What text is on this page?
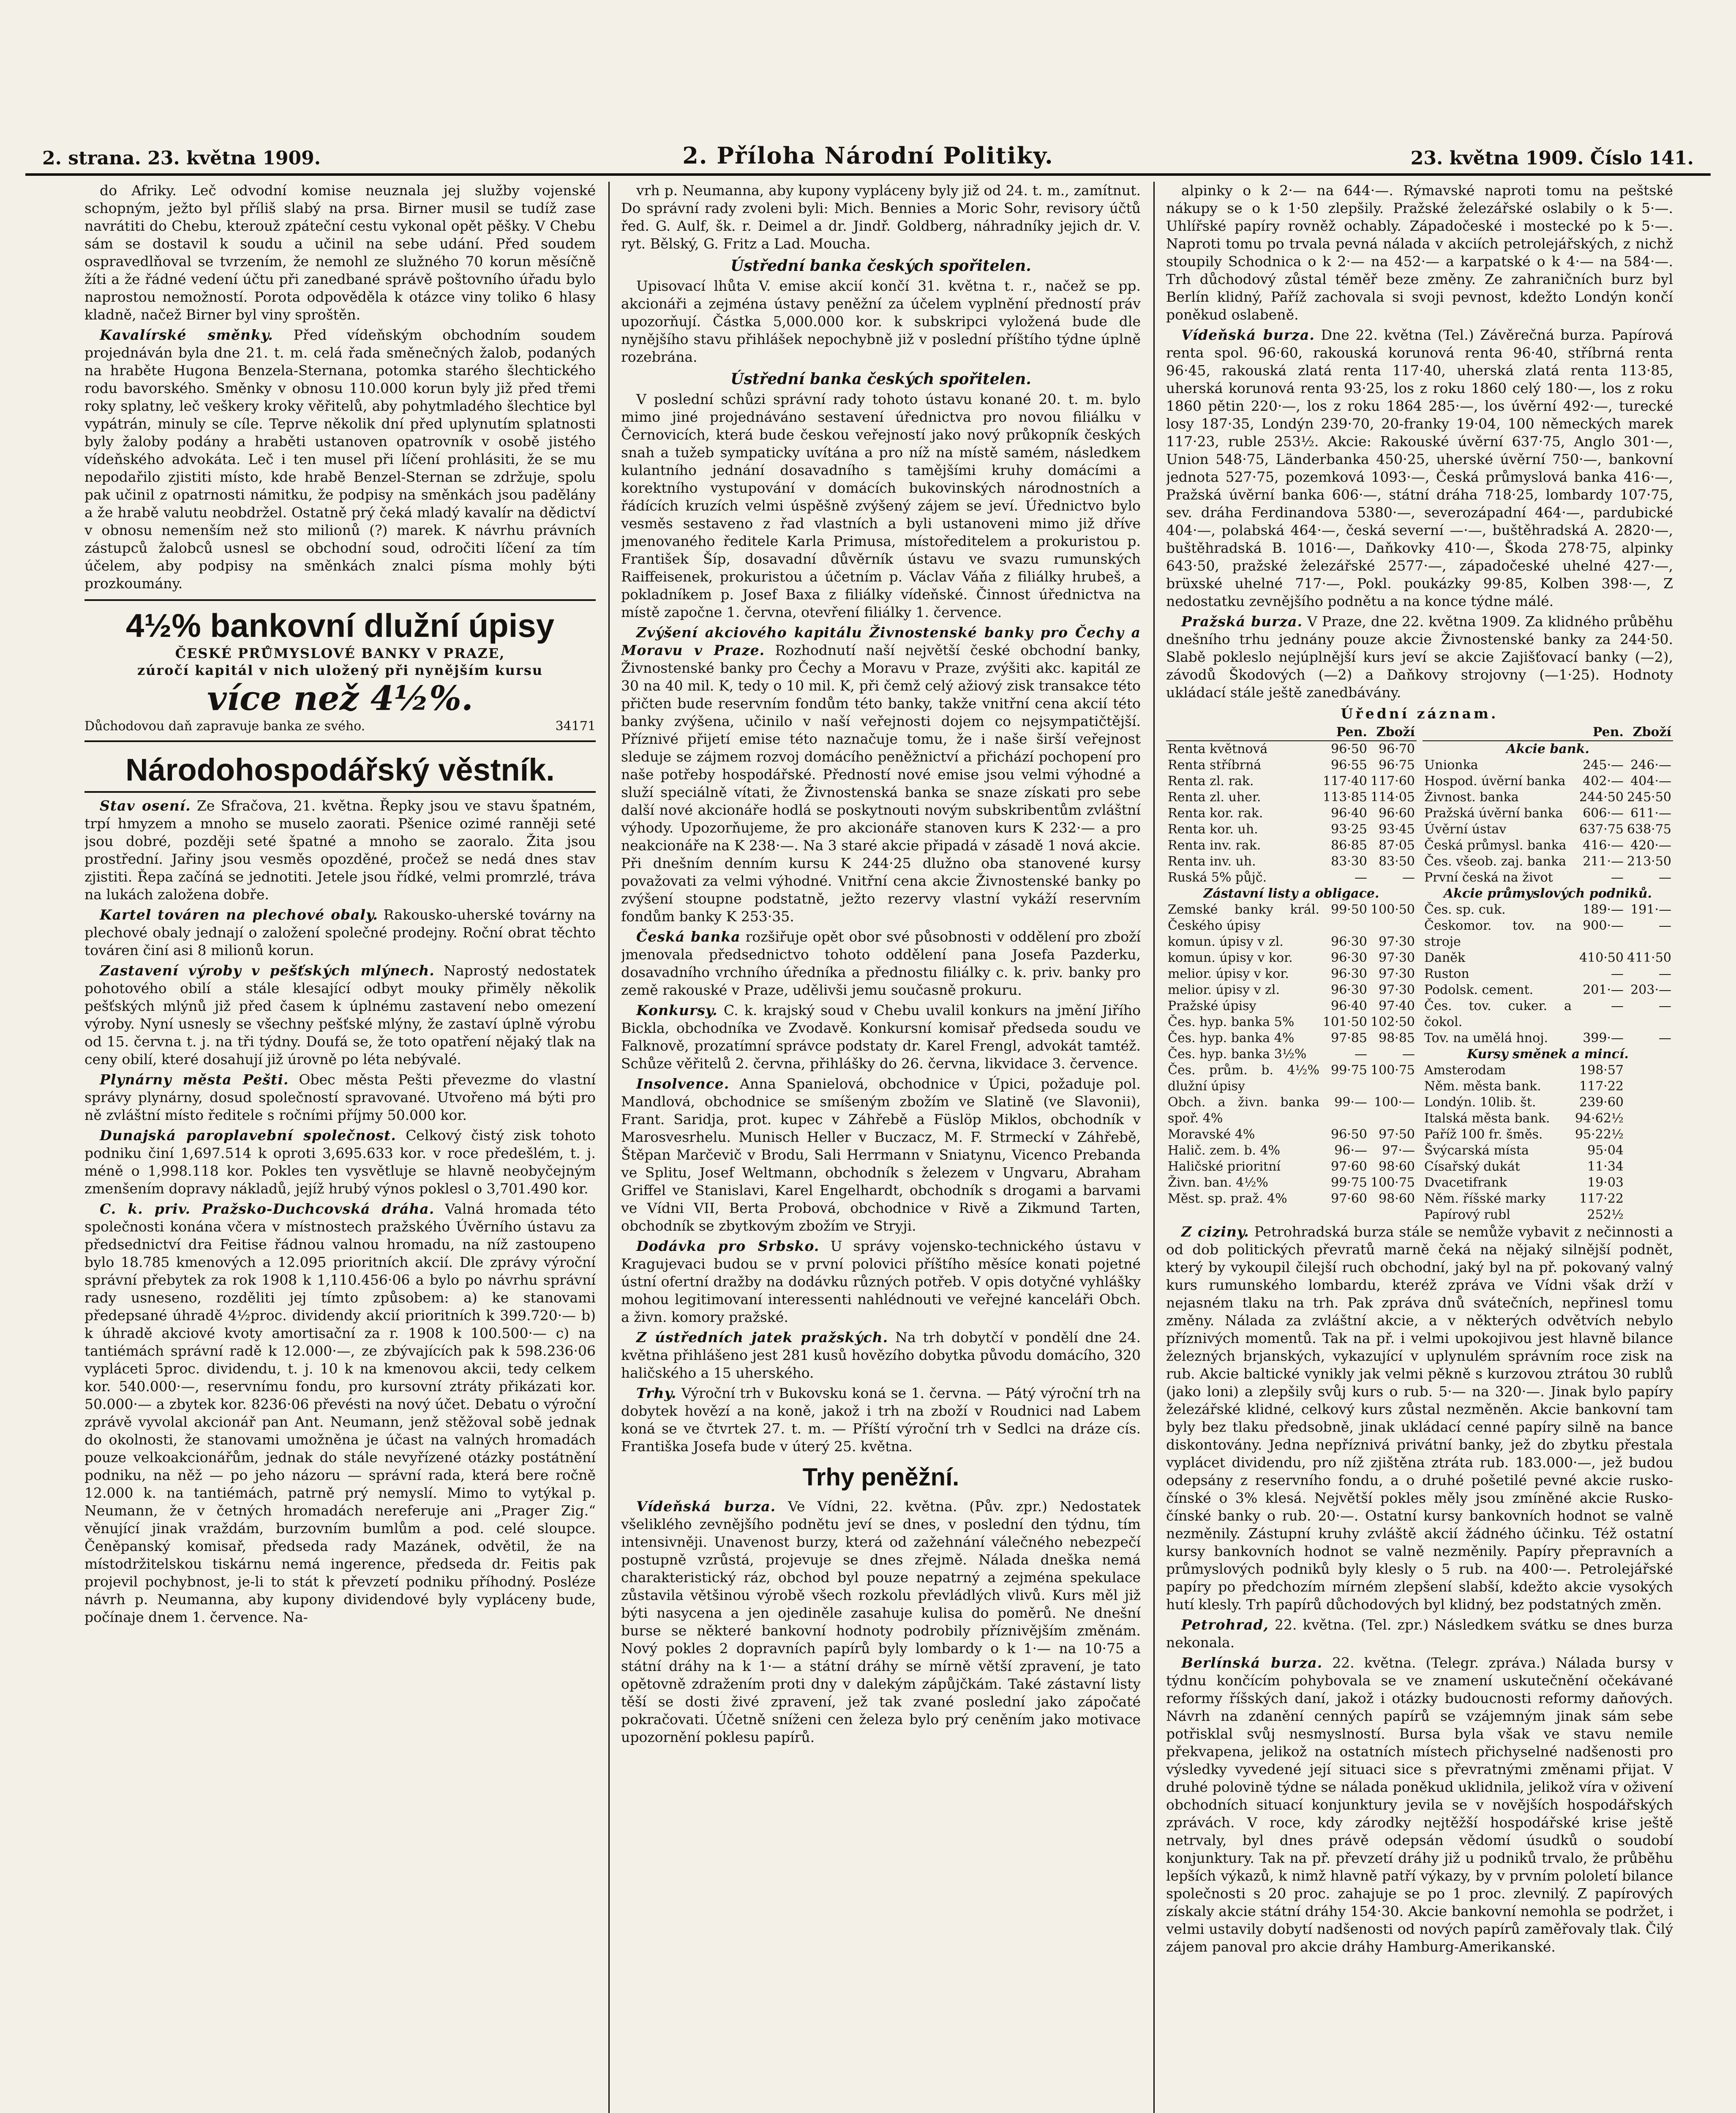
2. strana. 23. května 1909.	2. Příloha Národní Politiky.	23. května 1909. Číslo 141.

do Afriky. Leč odvodní komise neuznala jej služby vojenské schopným, ježto byl příliš slabý na prsa. Birner musil se tudíž zase navrátiti do Chebu, kterouž zpáteční cestu vykonal opět pěšky. V Chebu sám se dostavil k soudu a učinil na sebe udání. Před soudem ospravedlňoval se tvrzením, že nemohl ze služného 70 korun měsíčně žíti a že řádné vedení účtu při zanedbané správě poštovního úřadu bylo naprostou nemožností. Porota odpověděla k otázce viny toliko 6 hlasy kladně, načež Birner byl viny sproštěn.

Kavalírské směnky. Před vídeňským obchodním soudem projednáván byla dne 21. t. m. celá řada směnečných žalob, podaných na hraběte Hugona Benzela-Sternana, potomka starého šlechtického rodu bavorského. Směnky v obnosu 110.000 korun byly již před třemi roky splatny, leč veškery kroky věřitelů, aby pohytmladého šlechtice byl vypátrán, minuly se cíle. Teprve několik dní před uplynutím splatnosti byly žaloby podány a hraběti ustanoven opatrovník v osobě jistého vídeňského advokáta. Leč i ten musel při líčení prohlásiti, že se mu nepodařilo zjistiti místo, kde hrabě Benzel-Sternan se zdržuje, spolu pak učinil z opatrnosti námitku, že podpisy na směnkách jsou padělány a že hrabě valutu neobdržel. Ostatně prý čeká mladý kavalír na dědictví v obnosu nemenším než sto milionů (?) marek. K návrhu právních zástupců žalobců usnesl se obchodní soud, odročiti líčení za tím účelem, aby podpisy na směnkách znalci písma mohly býti prozkoumány.

4½% bankovní dlužní úpisy
ČESKÉ PRŮMYSLOVÉ BANKY V PRAZE,
zúročí kapitál v nich uložený při nynějším kursu
více než 4½%.
Důchodovou daň zapravuje banka ze svého.	34171
Národohospodářský věstník.

Stav osení. Ze Sfračova, 21. května. Řepky jsou ve stavu špatném, trpí hmyzem a mnoho se muselo zaorati. Pšenice ozimé ranněji seté jsou dobré, později seté špatné a mnoho se zaoralo. Žita jsou prostřední. Jařiny jsou vesměs opozděné, pročež se nedá dnes stav zjistiti. Řepa začíná se jednotiti. Jetele jsou řídké, velmi promrzlé, tráva na lukách založena dobře.

Kartel továren na plechové obaly. Rakousko-uherské továrny na plechové obaly jednají o založení společné prodejny. Roční obrat těchto továren činí asi 8 milionů korun.

Zastavení výroby v pešťských mlýnech. Naprostý nedostatek pohotového obilí a stále klesající odbyt mouky přiměly několik pešťských mlýnů již před časem k úplnému zastavení nebo omezení výroby. Nyní usnesly se všechny pešťské mlýny, že zastaví úplně výrobu od 15. června t. j. na tři týdny. Doufá se, že toto opatření nějaký tlak na ceny obilí, které dosahují již úrovně po léta nebývalé.

Plynárny města Pešti. Obec města Pešti převezme do vlastní správy plynárny, dosud společností spravované. Utvořeno má býti pro ně zvláštní místo ředitele s ročními příjmy 50.000 kor.

Dunajská paroplavební společnost. Celkový čistý zisk tohoto podniku činí 1,697.514 k oproti 3,695.633 kor. v roce předešlém, t. j. méně o 1,998.118 kor. Pokles ten vysvětluje se hlavně neobyčejným zmenšením dopravy nákladů, jejíž hrubý výnos poklesl o 3,701.490 kor.

C. k. priv. Pražsko-Duchcovská dráha. Valná hromada této společnosti konána včera v místnostech pražského Úvěrního ústavu za předsednictví dra Feitise řádnou valnou hromadu, na níž zastoupeno bylo 18.785 kmenových a 12.095 prioritních akcií. Dle zprávy výroční správní přebytek za rok 1908 k 1,110.456·06 a bylo po návrhu správní rady usneseno, rozděliti jej tímto způsobem: a) ke stanovami předepsané úhradě 4½proc. dividendy akcií prioritních k 399.720·— b) k úhradě akciové kvoty amortisační za r. 1908 k 100.500·— c) na tantiémách správní radě k 12.000·—, ze zbývajících pak k 598.236·06 vypláceti 5proc. dividendu, t. j. 10 k na kmenovou akcii, tedy celkem kor. 540.000·—, reservnímu fondu, pro kursovní ztráty přikázati kor. 50.000·— a zbytek kor. 8236·06 převésti na nový účet. Debatu o výroční zprávě vyvolal akcionář pan Ant. Neumann, jenž stěžoval sobě jednak do okolnosti, že stanovami umožněna je účast na valných hromadách pouze velkoakcionářům, jednak do stále nevyřízené otázky postátnění podniku, na něž — po jeho názoru — správní rada, která bere ročně 12.000 k. na tantiémách, patrně prý nemyslí. Mimo to vytýkal p. Neumann, že v četných hromadách nereferuje ani „Prager Zig.“ věnující jinak vraždám, burzovním bumlům a pod. celé sloupce. Čeněpanský komisař, předseda rady Mazánek, odvětil, že na místodržitelskou tiskárnu nemá ingerence, předseda dr. Feitis pak projevil pochybnost, je-li to stát k převzetí podniku příhodný. Posléze návrh p. Neumanna, aby kupony dividendové byly vypláceny bude, počínaje dnem 1. července. Na-

vrh p. Neumanna, aby kupony vypláceny byly již od 24. t. m., zamítnut. Do správní rady zvoleni byli: Mich. Bennies a Moric Sohr, revisory účtů řed. G. Aulf, šk. r. Deimel a dr. Jindř. Goldberg, náhradníky jejich dr. V. ryt. Bělský, G. Fritz a Lad. Moucha.

Ústřední banka českých spořitelen.

Upisovací lhůta V. emise akcií končí 31. května t. r., načež se pp. akcionáři a zejména ústavy peněžní za účelem vyplnění předností práv upozorňují. Částka 5,000.000 kor. k subskripci vyložená bude dle nynějšího stavu přihlášek nepochybně již v poslední příštího týdne úplně rozebrána.

Ústřední banka českých spořitelen.

V poslední schůzi správní rady tohoto ústavu konané 20. t. m. bylo mimo jiné projednáváno sestavení úřednictva pro novou filiálku v Černovicích, která bude českou veřejností jako nový průkopník českých snah a tužeb sympaticky uvítána a pro níž na místě samém, následkem kulantního jednání dosavadního s tamějšími kruhy domácími a korektního vystupování v domácích bukovinských národnostních a řádících kruzích velmi úspěšně zvýšený zájem se jeví. Úřednictvo bylo vesměs sestaveno z řad vlastních a byli ustanoveni mimo již dříve jmenovaného ředitele Karla Primusa, místoředitelem a prokuristou p. František Šíp, dosavadní důvěrník ústavu ve svazu rumunských Raiffeisenek, prokuristou a účetním p. Václav Váňa z filiálky hrubeš, a pokladníkem p. Josef Baxa z filiálky vídeňské. Činnost úřednictva na místě započne 1. června, otevření filiálky 1. července.

Zvýšení akciového kapitálu Živnostenské banky pro Čechy a Moravu v Praze. Rozhodnutí naší největší české obchodní banky, Živnostenské banky pro Čechy a Moravu v Praze, zvýšiti akc. kapitál ze 30 na 40 mil. K, tedy o 10 mil. K, při čemž celý ažiový zisk transakce této přičten bude reservním fondům této banky, takže vnitřní cena akcií této banky zvýšena, učinilo v naší veřejnosti dojem co nejsympatičtější. Příznivé přijetí emise této naznačuje tomu, že i naše širší veřejnost sleduje se zájmem rozvoj domácího peněžnictví a přichází pochopení pro naše potřeby hospodářské. Předností nové emise jsou velmi výhodné a služí speciálně vítati, že Živnostenská banka se snaze získati pro sebe další nové akcionáře hodlá se poskytnouti novým subskribentům zvláštní výhody. Upozorňujeme, že pro akcionáře stanoven kurs K 232·— a pro neakcionáře na K 238·—. Na 3 staré akcie připadá v zásadě 1 nová akcie. Při dnešním denním kursu K 244·25 dlužno oba stanovené kursy považovati za velmi výhodné. Vnitřní cena akcie Živnostenské banky po zvýšení stoupne podstatně, ježto rezervy vlastní vykáží reservním fondům banky K 253·35.

Česká banka rozšiřuje opět obor své působnosti v oddělení pro zboží jmenovala předsednictvo tohoto oddělení pana Josefa Pazderku, dosavadního vrchního úředníka a přednostu filiálky c. k. priv. banky pro země rakouské v Praze, udělivši jemu současně prokuru.

Konkursy. C. k. krajský soud v Chebu uvalil konkurs na jmění Jiřího Bickla, obchodníka ve Zvodavě. Konkursní komisař předseda soudu ve Falknově, prozatímní správce podstaty dr. Karel Frengl, advokát tamtéž. Schůze věřitelů 2. června, přihlášky do 26. června, likvidace 3. července.

Insolvence. Anna Spanielová, obchodnice v Úpici, požaduje pol. Mandlová, obchodnice se smíšeným zbožím ve Slatině (ve Slavonii), Frant. Saridja, prot. kupec v Záhřebě a Füslöp Miklos, obchodník v Marosvesrhelu. Munisch Heller v Buczacz, M. F. Strmeckí v Záhřebě, Štěpan Marčevič v Brodu, Sali Herrmann v Sniatynu, Vicenco Prebanda ve Splitu, Josef Weltmann, obchodník s železem v Ungvaru, Abraham Griffel ve Stanislavi, Karel Engelhardt, obchodník s drogami a barvami ve Vídni VII, Berta Probová, obchodnice v Rivě a Zikmund Tarten, obchodník se zbytkovým zbožím ve Stryji.

Dodávka pro Srbsko. U správy vojensko-technického ústavu v Kragujevaci budou se v první polovici příštího měsíce konati pojetné ústní ofertní dražby na dodávku různých potřeb. V opis dotyčné vyhlášky mohou legitimovaní interessenti nahlédnouti ve veřejné kanceláři Obch. a živn. komory pražské.

Z ústředních jatek pražských. Na trh dobytčí v pondělí dne 24. května přihlášeno jest 281 kusů hovězího dobytka původu domácího, 320 haličského a 15 uherského.

Trhy. Výroční trh v Bukovsku koná se 1. června. — Pátý výroční trh na dobytek hovězí a na koně, jakož i trh na zboží v Roudnici nad Labem koná se ve čtvrtek 27. t. m. — Příští výroční trh v Sedlci na dráze cís. Františka Josefa bude v úterý 25. května.

Trhy peněžní.

Vídeňská burza. Ve Vídni, 22. května. (Pův. zpr.) Nedostatek všeliklého zevnějšího podnětu jeví se dnes, v poslední den týdnu, tím intensivněji. Unavenost burzy, která od zažehnání válečného nebezpečí postupně vzrůstá, projevuje se dnes zřejmě. Nálada dneška nemá charakteristický ráz, obchod byl pouze nepatrný a zejména spekulace zůstavila většinou výrobě všech rozkolu převládlých vlivů. Kurs měl již býti nasycena a jen ojediněle zasahuje kulisa do poměrů. Ne dnešní burse se některé bankovní hodnoty podrobily příznivějším změnám. Nový pokles 2 dopravních papírů byly lombardy o k 1·— na 10·75 a státní dráhy na k 1·— a státní dráhy se mírně větší zpravení, je tato opětovně zdražením proti dny v dalekým zápůjčkám. Také zástavní listy těší se dosti živé zpravení, jež tak zvané poslední jako zápočaté pokračovati. Účetně sníženi cen železa bylo prý ceněním jako motivace upozornění poklesu papírů.

alpinky o k 2·— na 644·—. Rýmavské naproti tomu na peštské nákupy se o k 1·50 zlepšily. Pražské železářské oslabily o k 5·—. Uhlířské papíry rovněž ochably. Západočeské i mostecké po k 5·—. Naproti tomu po trvala pevná nálada v akciích petrolejářských, z nichž stoupily Schodnica o k 2·— na 452·— a karpatské o k 4·— na 584·—. Trh důchodový zůstal téměř beze změny. Ze zahraničních burz byl Berlín klidný, Paříž zachovala si svoji pevnost, kdežto Londýn končí poněkud oslabeně.

Vídeňská burza. Dne 22. května (Tel.) Závěrečná burza. Papírová renta spol. 96·60, rakouská korunová renta 96·40, stříbrná renta 96·45, rakouská zlatá renta 117·40, uherská zlatá renta 113·85, uherská korunová renta 93·25, los z roku 1860 celý 180·—, los z roku 1860 pětin 220·—, los z roku 1864 285·—, los úvěrní 492·—, turecké losy 187·35, Londýn 239·70, 20-franky 19·04, 100 německých marek 117·23, ruble 253½. Akcie: Rakouské úvěrní 637·75, Anglo 301·—, Union 548·75, Länderbanka 450·25, uherské úvěrní 750·—, bankovní jednota 527·75, pozemková 1093·—, Česká průmyslová banka 416·—, Pražská úvěrní banka 606·—, státní dráha 718·25, lombardy 107·75, sev. dráha Ferdinandova 5380·—, severozápadní 464·—, pardubické 404·—, polabská 464·—, česká severní —·—, buštěhradská A. 2820·—, buštěhradská B. 1016·—, Daňkovky 410·—, Škoda 278·75, alpinky 643·50, pražské železářské 2577·—, západočeské uhelné 427·—, brüxské uhelné 717·—, Pokl. poukázky 99·85, Kolben 398·—, Z nedostatku zevnějšího podnětu a na konce týdne málé.

Pražská burza. V Praze, dne 22. května 1909. Za klidného průběhu dnešního trhu jednány pouze akcie Živnostenské banky za 244·50. Slabě pokleslo nejúplnější kurs jeví se akcie Zajišťovací banky (—2), závodů Škodových (—2) a Daňkovy strojovny (—1·25). Hodnoty ukládací stále ještě zanedbávány.

Úřední záznam.
	Pen.	Zboží
Renta květnová	96·50	96·70
Renta stříbrná	96·55	96·75
Renta zl. rak.	117·40	117·60
Renta zl. uher.	113·85	114·05
Renta kor. rak.	96·40	96·60
Renta kor. uh.	93·25	93·45
Renta inv. rak.	86·85	87·05
Renta inv. uh.	83·30	83·50
Ruská 5% půjč.	—	—
Zástavní listy a obligace.		
Zemské banky král. Českého úpisy	99·50	100·50
komun. úpisy v zl.	96·30	97·30
komun. úpisy v kor.	96·30	97·30
melior. úpisy v kor.	96·30	97·30
melior. úpisy v zl.	96·30	97·30
Pražské úpisy	96·40	97·40
Čes. hyp. banka 5%	101·50	102·50
Čes. hyp. banka 4%	97·85	98·85
Čes. hyp. banka 3½%	—	—
Čes. prům. b. 4½% dlužní úpisy	99·75	100·75
Obch. a živn. banka spoř. 4%	99·—	100·—
Moravské 4%	96·50	97·50
Halič. zem. b. 4%	96·—	97·—
Haličské prioritní	97·60	98·60
Živn. ban. 4½%	99·75	100·75
Měst. sp. praž. 4%	97·60	98·60
	Pen.	Zboží
Akcie bank.		
Unionka	245·—	246·—
Hospod. úvěrní banka	402·—	404·—
Živnost. banka	244·50	245·50
Pražská úvěrní banka	606·—	611·—
Úvěrní ústav	637·75	638·75
Česká průmysl. banka	416·—	420·—
Čes. všeob. zaj. banka	211·—	213·50
První česká na život	—	—
Akcie průmyslových podniků.		
Čes. sp. cuk.	189·—	191·—
Českomor. tov. na stroje	900·—	—
Daněk	410·50	411·50
Ruston	—	—
Podolsk. cement.	201·—	203·—
Čes. tov. cuker. a čokol.	—	—
Tov. na umělá hnoj.	399·—	—
Kursy směnek a mincí.		
Amsterodam	198·57	
Něm. města bank.	117·22	
Londýn. 10lib. št.	239·60	
Italská města bank.	94·62½	
Paříž 100 fr. šměs.	95·22½	
Švýcarská místa	95·04	
Císařský dukát	11·34	
Dvacetifrank	19·03	
Něm. říšské marky	117·22	
Papírový rubl	252½	

Z ciziny. Petrohradská burza stále se nemůže vybavit z nečinnosti a od dob politických převratů marně čeká na nějaký silnější podnět, který by vykoupil čilejší ruch obchodní, jaký byl na př. pokovaný valný kurs rumunského lombardu, kteréž zpráva ve Vídni však drží v nejasném tlaku na trh. Pak zpráva dnů svátečních, nepřinesl tomu změny. Nálada za zvláštní akcie, a v některých odvětvích nebylo příznivých momentů. Tak na př. i velmi upokojivou jest hlavně bilance železných brjanských, vykazující v uplynulém správním roce zisk na rub. Akcie baltické vynikly jak velmi pěkně s kurzovou ztrátou 30 rublů (jako loni) a zlepšily svůj kurs o rub. 5·— na 320·—. Jinak bylo papíry železářské klidné, celkový kurs zůstal nezměněn. Akcie bankovní tam byly bez tlaku předsobně, jinak ukládací cenné papíry silně na bance diskontovány. Jedna nepříznivá privátní banky, jež do zbytku přestala vyplácet dividendu, pro níž zjištěna ztráta rub. 183.000·—, jež budou odepsány z reservního fondu, a o druhé pošetilé pevné akcie rusko-čínské o 3% klesá. Největší pokles měly jsou zmíněné akcie Rusko-čínské banky o rub. 20·—. Ostatní kursy bankovních hodnot se valně nezměnily. Zástupní kruhy zvláště akcií žádného účinku. Též ostatní kursy bankovních hodnot se valně nezměnily. Papíry přepravních a průmyslových podniků byly klesly o 5 rub. na 400·—. Petrolejářské papíry po předchozím mírném zlepšení slabší, kdežto akcie vysokých hutí klesly. Trh papírů důchodových byl klidný, bez podstatných změn.

Petrohrad, 22. května. (Tel. zpr.) Následkem svátku se dnes burza nekonala.

Berlínská burza. 22. května. (Telegr. zpráva.) Nálada bursy v týdnu končícím pohybovala se ve znamení uskutečnění očekávané reformy říšských daní, jakož i otázky budoucnosti reformy daňových. Návrh na zdanění cenných papírů se vzájemným jinak sám sebe potřisklal svůj nesmyslností. Bursa byla však ve stavu nemile překvapena, jelikož na ostatních místech přichyselné nadšenosti pro výsledky vyvedené její situaci sice s převratnými změnami přijat. V druhé polovině týdne se nálada poněkud uklidnila, jelikož víra v oživení obchodních situací konjunktury jevila se v novějších hospodářských zprávách. V roce, kdy zárodky nejtěžší hospodářské krise ještě netrvaly, byl dnes právě odepsán vědomí úsudků o soudobí konjunktury. Tak na př. převzetí dráhy již u podniků trvalo, že průběhu lepších výkazů, k nimž hlavně patří výkazy, by v prvním pololetí bilance společnosti s 20 proc. zahajuje se po 1 proc. zlevnilý. Z papírových získaly akcie státní dráhy 154·30. Akcie bankovní nemohla se podržet, i velmi ustavily dobytí nadšenosti od nových papírů zaměřovaly tlak. Čilý zájem panoval pro akcie dráhy Hamburg-Amerikanské.
